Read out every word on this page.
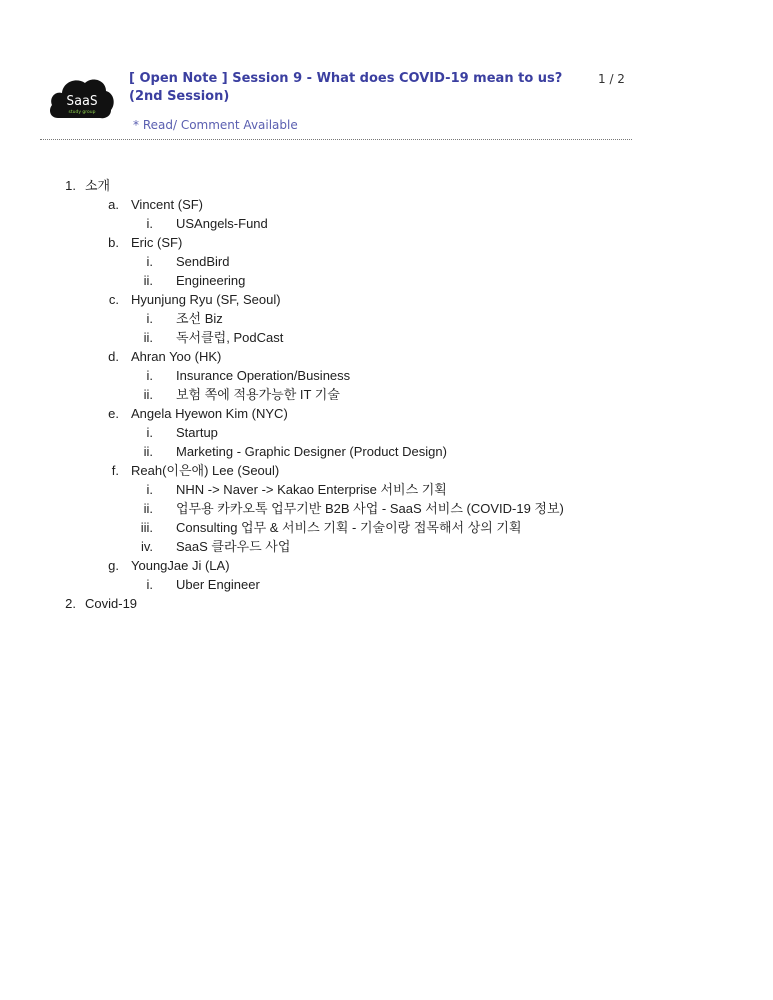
SaaS
study group
[ Open Note ] Session 9 - What does COVID-19 mean to us? (2nd Session)
1 / 2
* Read/ Comment Available
1. 소개
a. Vincent (SF)
i. USAngels-Fund
b. Eric (SF)
i. SendBird
ii. Engineering
c. Hyunjung Ryu (SF, Seoul)
i. 조선 Biz
ii. 독서클럽, PodCast
d. Ahran Yoo (HK)
i. Insurance Operation/Business
ii. 보험 쪽에 적용가능한 IT 기술
e. Angela Hyewon Kim (NYC)
i. Startup
ii. Marketing - Graphic Designer (Product Design)
f. Reah(이은애) Lee (Seoul)
i. NHN -> Naver -> Kakao Enterprise 서비스 기획
ii. 업무용 카카오톡 업무기반 B2B 사업 - SaaS 서비스 (COVID-19 정보)
iii. Consulting 업무 & 서비스 기획 - 기술이랑 접목해서 상의 기획
iv. SaaS 클라우드 사업
g. YoungJae Ji (LA)
i. Uber Engineer
2. Covid-19
